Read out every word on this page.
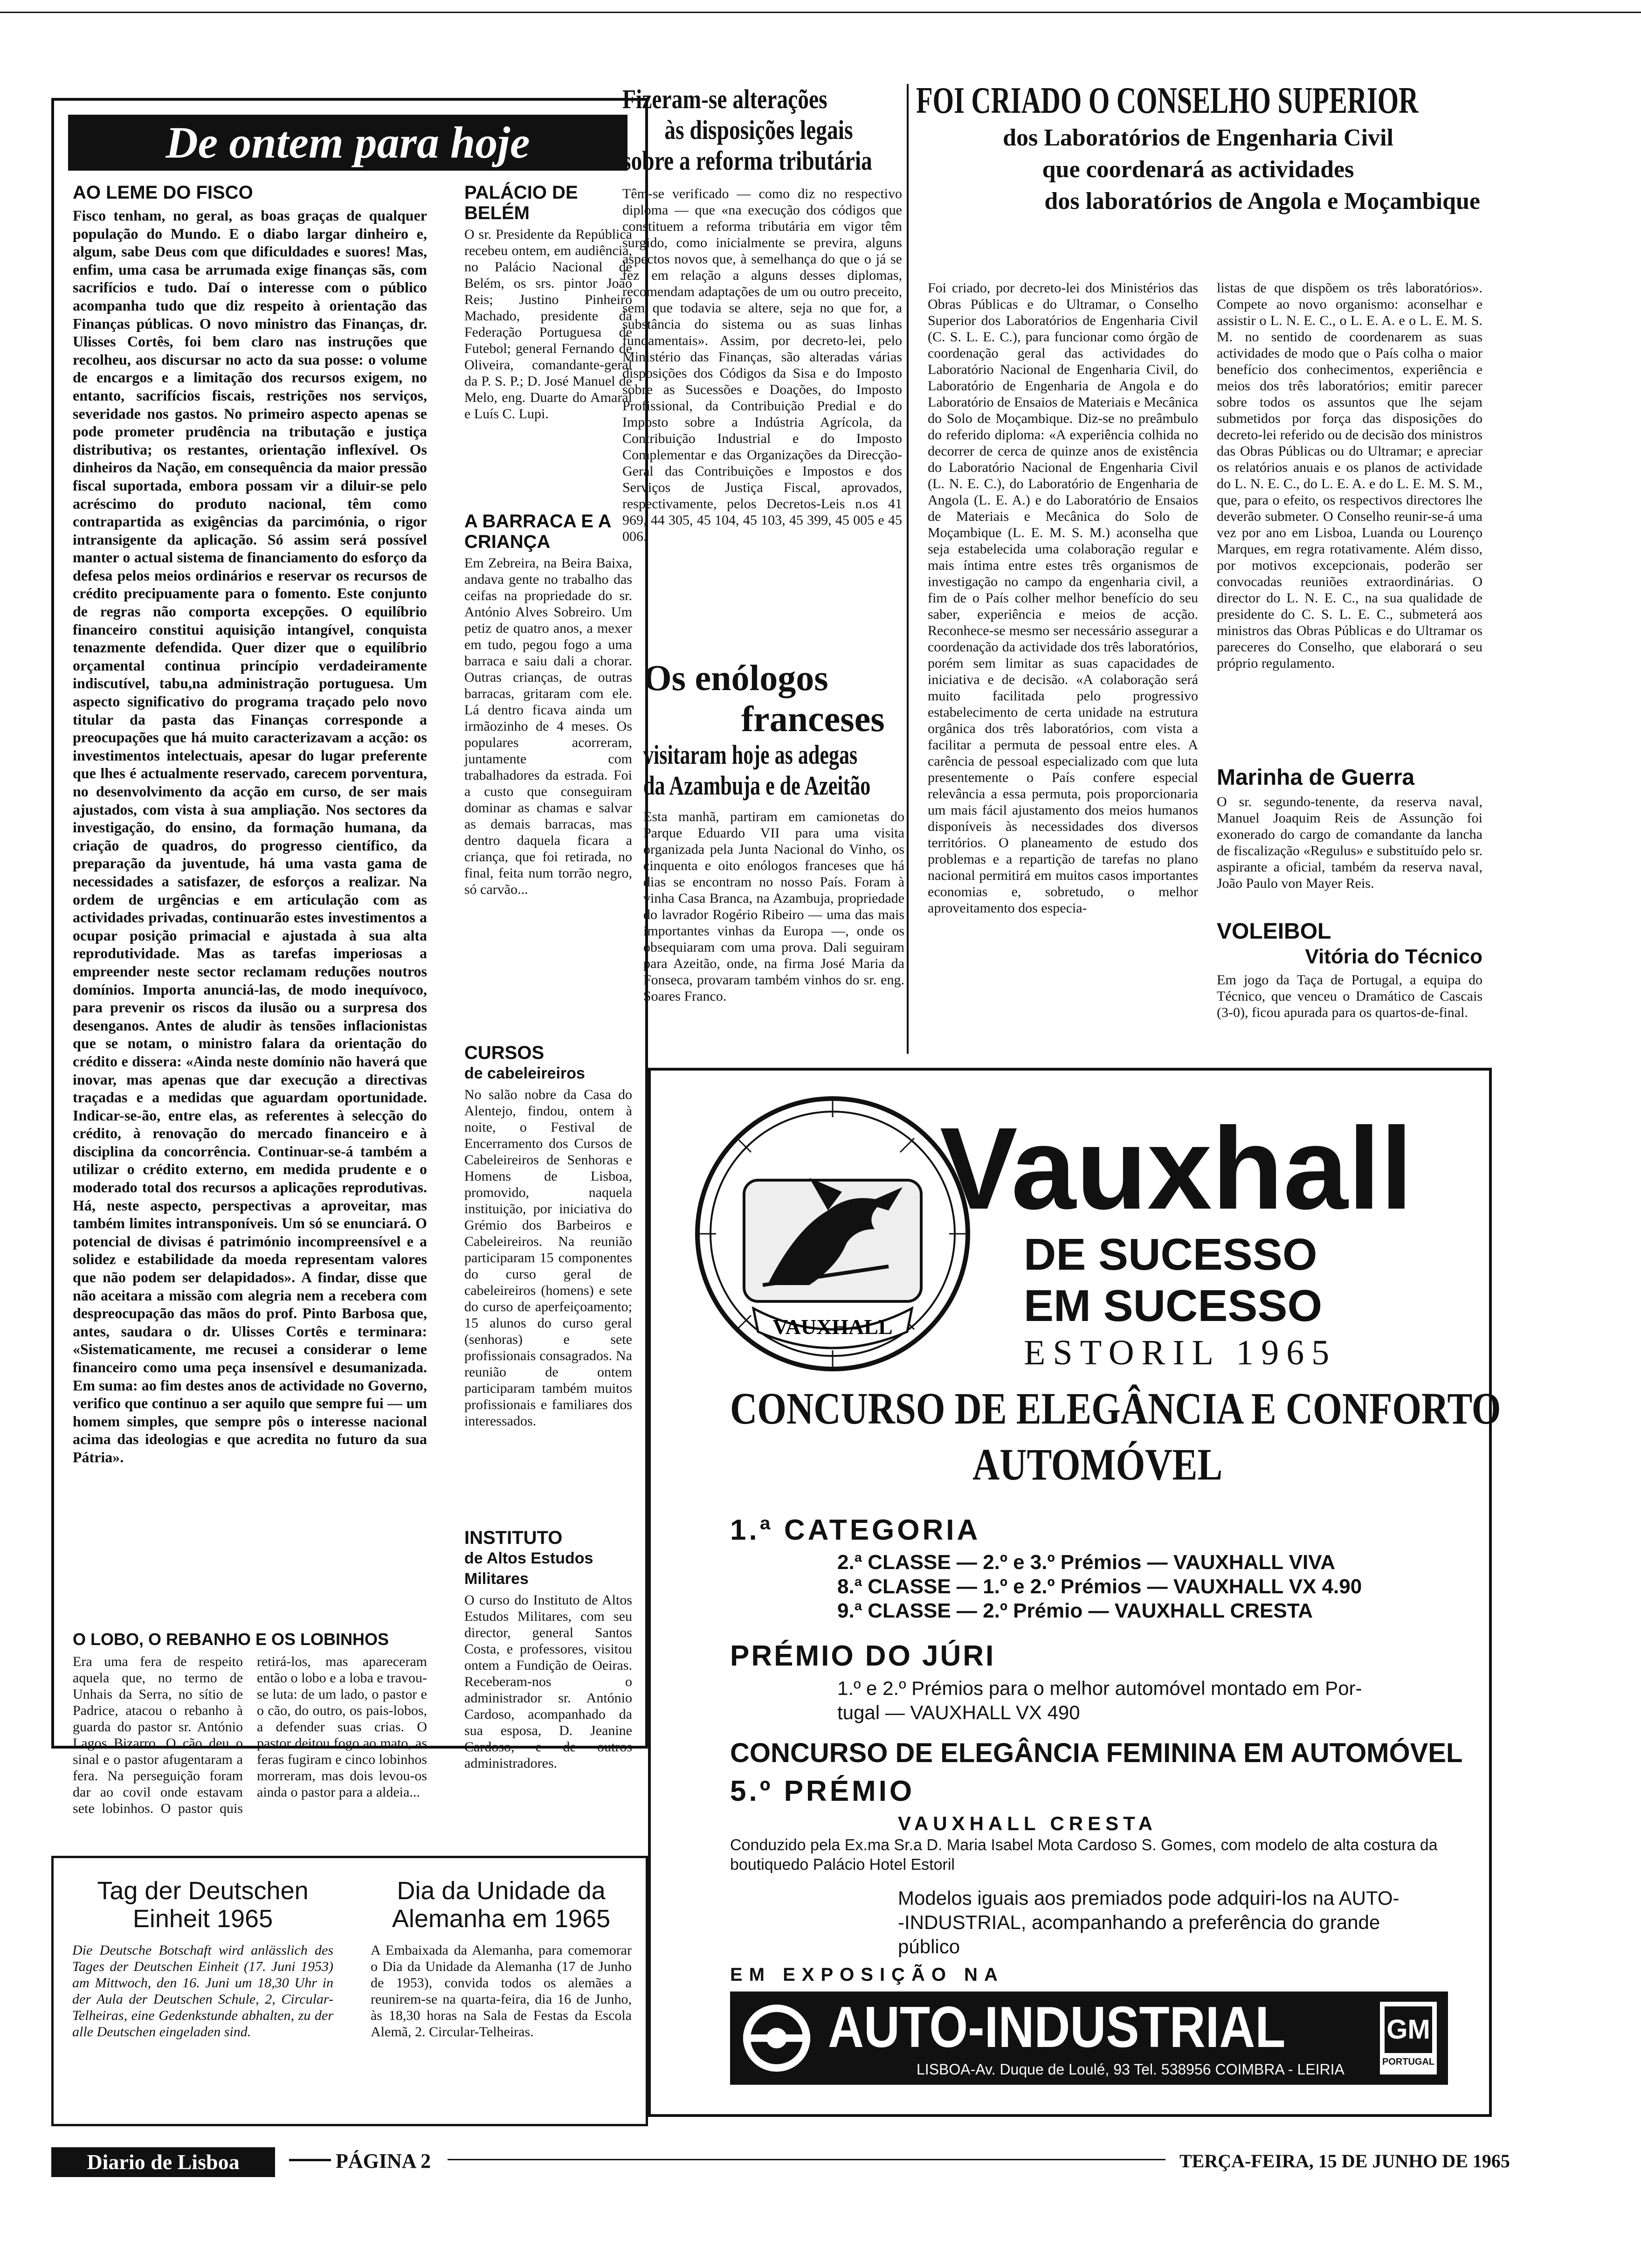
De ontem para hoje
AO LEME DO FISCO
Fisco tenham, no geral, as boas graças de qualquer população do Mundo. E o diabo largar dinheiro e, algum, sabe Deus com que dificuldades e suores! Mas, enfim, uma casa be arrumada exige finanças sãs, com sacrifícios e tudo. Daí o interesse com o público acompanha tudo que diz respeito à orientação das Finanças públicas. O novo ministro das Finanças, dr. Ulisses Cortês, foi bem claro nas instruções que recolheu, aos discursar no acto da sua posse: o volume de encargos e a limitação dos recursos exigem, no entanto, sacrifícios fiscais, restrições nos serviços, severidade nos gastos. No primeiro aspecto apenas se pode prometer prudência na tributação e justiça distributiva; os restantes, orientação inflexível. Os dinheiros da Nação, em consequência da maior pressão fiscal suportada, embora possam vir a diluir-se pelo acréscimo do produto nacional, têm como contrapartida as exigências da parcimónia, o rigor intransigente da aplicação. Só assim será possível manter o actual sistema de financiamento do esforço da defesa pelos meios ordinários e reservar os recursos de crédito precipuamente para o fomento. Este conjunto de regras não comporta excepções. O equilíbrio financeiro constitui aquisição intangível, conquista tenazmente defendida. Quer dizer que o equilíbrio orçamental continua princípio verdadeiramente indiscutível, tabu,na administração portuguesa. Um aspecto significativo do programa traçado pelo novo titular da pasta das Finanças corresponde a preocupações que há muito caracterizavam a acção: os investimentos intelectuais, apesar do lugar preferente que lhes é actualmente reservado, carecem porventura, no desenvolvimento da acção em curso, de ser mais ajustados, com vista à sua ampliação. Nos sectores da investigação, do ensino, da formação humana, da criação de quadros, do progresso científico, da preparação da juventude, há uma vasta gama de necessidades a satisfazer, de esforços a realizar. Na ordem de urgências e em articulação com as actividades privadas, continuarão estes investimentos a ocupar posição primacial e ajustada à sua alta reprodutividade. Mas as tarefas imperiosas a empreender neste sector reclamam reduções noutros domínios. Importa anunciá-las, de modo inequívoco, para prevenir os riscos da ilusão ou a surpresa dos desenganos. Antes de aludir às tensões inflacionistas que se notam, o ministro falara da orientação do crédito e dissera: «Ainda neste domínio não haverá que inovar, mas apenas que dar execução a directivas traçadas e a medidas que aguardam oportunidade. Indicar-se-ão, entre elas, as referentes à selecção do crédito, à renovação do mercado financeiro e à disciplina da concorrência. Continuar-se-á também a utilizar o crédito externo, em medida prudente e o moderado total dos recursos a aplicações reprodutivas. Há, neste aspecto, perspectivas a aproveitar, mas também limites intransponíveis. Um só se enunciará. O potencial de divisas é património incompreensível e a solidez e estabilidade da moeda representam valores que não podem ser delapidados». A findar, disse que não aceitara a missão com alegria nem a recebera com despreocupação das mãos do prof. Pinto Barbosa que, antes, saudara o dr. Ulisses Cortês e terminara: «Sistematicamente, me recusei a considerar o leme financeiro como uma peça insensível e desumanizada. Em suma: ao fim destes anos de actividade no Governo, verifico que continuo a ser aquilo que sempre fui — um homem simples, que sempre pôs o interesse nacional acima das ideologias e que acredita no futuro da sua Pátria».
O LOBO, O REBANHO E OS LOBINHOS
Era uma fera de respeito aquela que, no termo de Unhais da Serra, no sítio de Padrice, atacou o rebanho à guarda do pastor sr. António Lagos Bizarro. O cão deu o sinal e o pastor afugentaram a fera. Na perseguição foram dar ao covil onde estavam sete lobinhos. O pastor quis retirá-los, mas apareceram então o lobo e a loba e travou-se luta: de um lado, o pastor e o cão, do outro, os pais-lobos, a defender suas crias. O pastor deitou fogo ao mato, as feras fugiram e cinco lobinhos morreram, mas dois levou-os ainda o pastor para a aldeia...
PALÁCIO DE BELÉM
O sr. Presidente da República recebeu ontem, em audiência, no Palácio Nacional de Belém, os srs. pintor João Reis; Justino Pinheiro Machado, presidente da Federação Portuguesa de Futebol; general Fernando de Oliveira, comandante-geral da P. S. P.; D. José Manuel de Melo, eng. Duarte do Amaral e Luís C. Lupi.
A BARRACA E A CRIANÇA
Em Zebreira, na Beira Baixa, andava gente no trabalho das ceifas na propriedade do sr. António Alves Sobreiro. Um petiz de quatro anos, a mexer em tudo, pegou fogo a uma barraca e saiu dali a chorar. Outras crianças, de outras barracas, gritaram com ele. Lá dentro ficava ainda um irmãozinho de 4 meses. Os populares acorreram, juntamente com trabalhadores da estrada. Foi a custo que conseguiram dominar as chamas e salvar as demais barracas, mas dentro daquela ficara a criança, que foi retirada, no final, feita num torrão negro, só carvão...
CURSOS
de cabeleireiros
No salão nobre da Casa do Alentejo, findou, ontem à noite, o Festival de Encerramento dos Cursos de Cabeleireiros de Senhoras e Homens de Lisboa, promovido, naquela instituição, por iniciativa do Grémio dos Barbeiros e Cabeleireiros. Na reunião participaram 15 componentes do curso geral de cabeleireiros (homens) e sete do curso de aperfeiçoamento; 15 alunos do curso geral (senhoras) e sete profissionais consagrados. Na reunião de ontem participaram também muitos profissionais e familiares dos interessados.
INSTITUTO
de Altos Estudos Militares
O curso do Instituto de Altos Estudos Militares, com seu director, general Santos Costa, e professores, visitou ontem a Fundição de Oeiras. Receberam-nos o administrador sr. António Cardoso, acompanhado da sua esposa, D. Jeanine Cardoso, e de outros administradores.
Tag der Deutschen Einheit 1965
Die Deutsche Botschaft wird anlässlich des Tages der Deutschen Einheit (17. Juni 1953) am Mittwoch, den 16. Juni um 18,30 Uhr in der Aula der Deutschen Schule, 2, Circular-Telheiras, eine Gedenkstunde abhalten, zu der alle Deutschen eingeladen sind.
Dia da Unidade da Alemanha em 1965
A Embaixada da Alemanha, para comemorar o Dia da Unidade da Alemanha (17 de Junho de 1953), convida todos os alemães a reunirem-se na quarta-feira, dia 16 de Junho, às 18,30 horas na Sala de Festas da Escola Alemã, 2. Circular-Telheiras.
Fizeram-se alterações
às disposições legais
sobre a reforma tributária
Têm-se verificado — como diz no respectivo diploma — que «na execução dos códigos que constituem a reforma tributária em vigor têm surgido, como inicialmente se previra, alguns aspectos novos que, à semelhança do que o já se fez em relação a alguns desses diplomas, recomendam adaptações de um ou outro preceito, sem que todavia se altere, seja no que for, a substância do sistema ou as suas linhas fundamentais». Assim, por decreto-lei, pelo Ministério das Finanças, são alteradas várias disposições dos Códigos da Sisa e do Imposto sobre as Sucessões e Doações, do Imposto Profissional, da Contribuição Predial e do Imposto sobre a Indústria Agrícola, da Contribuição Industrial e do Imposto Complementar e das Organizações da Direcção-Geral das Contribuições e Impostos e dos Serviços de Justiça Fiscal, aprovados, respectivamente, pelos Decretos-Leis n.os 41 969, 44 305, 45 104, 45 103, 45 399, 45 005 e 45 006.
Os enólogos
franceses
visitaram hoje as adegas
da Azambuja e de Azeitão
Esta manhã, partiram em camionetas do Parque Eduardo VII para uma visita organizada pela Junta Nacional do Vinho, os cinquenta e oito enólogos franceses que há dias se encontram no nosso País. Foram à vinha Casa Branca, na Azambuja, propriedade do lavrador Rogério Ribeiro — uma das mais importantes vinhas da Europa —, onde os obsequiaram com uma prova. Dali seguiram para Azeitão, onde, na firma José Maria da Fonseca, provaram também vinhos do sr. eng. Soares Franco.
FOI CRIADO O CONSELHO SUPERIOR
dos Laboratórios de Engenharia Civil
que coordenará as actividades
dos laboratórios de Angola e Moçambique
Foi criado, por decreto-lei dos Ministérios das Obras Públicas e do Ultramar, o Conselho Superior dos Laboratórios de Engenharia Civil (C. S. L. E. C.), para funcionar como órgão de coordenação geral das actividades do Laboratório Nacional de Engenharia Civil, do Laboratório de Engenharia de Angola e do Laboratório de Ensaios de Materiais e Mecânica do Solo de Moçambique. Diz-se no preâmbulo do referido diploma: «A experiência colhida no decorrer de cerca de quinze anos de existência do Laboratório Nacional de Engenharia Civil (L. N. E. C.), do Laboratório de Engenharia de Angola (L. E. A.) e do Laboratório de Ensaios de Materiais e Mecânica do Solo de Moçambique (L. E. M. S. M.) aconselha que seja estabelecida uma colaboração regular e mais íntima entre estes três organismos de investigação no campo da engenharia civil, a fim de o País colher melhor benefício do seu saber, experiência e meios de acção. Reconhece-se mesmo ser necessário assegurar a coordenação da actividade dos três laboratórios, porém sem limitar as suas capacidades de iniciativa e de decisão. «A colaboração será muito facilitada pelo progressivo estabelecimento de certa unidade na estrutura orgânica dos três laboratórios, com vista a facilitar a permuta de pessoal entre eles. A carência de pessoal especializado com que luta presentemente o País confere especial relevância a essa permuta, pois proporcionaria um mais fácil ajustamento dos meios humanos disponíveis às necessidades dos diversos territórios. O planeamento de estudo dos problemas e a repartição de tarefas no plano nacional permitirá em muitos casos importantes economias e, sobretudo, o melhor aproveitamento dos especia-
listas de que dispõem os três laboratórios». Compete ao novo organismo: aconselhar e assistir o L. N. E. C., o L. E. A. e o L. E. M. S. M. no sentido de coordenarem as suas actividades de modo que o País colha o maior benefício dos conhecimentos, experiência e meios dos três laboratórios; emitir parecer sobre todos os assuntos que lhe sejam submetidos por força das disposições do decreto-lei referido ou de decisão dos ministros das Obras Públicas ou do Ultramar; e apreciar os relatórios anuais e os planos de actividade do L. N. E. C., do L. E. A. e do L. E. M. S. M., que, para o efeito, os respectivos directores lhe deverão submeter. O Conselho reunir-se-á uma vez por ano em Lisboa, Luanda ou Lourenço Marques, em regra rotativamente. Além disso, por motivos excepcionais, poderão ser convocadas reuniões extraordinárias. O director do L. N. E. C., na sua qualidade de presidente do C. S. L. E. C., submeterá aos ministros das Obras Públicas e do Ultramar os pareceres do Conselho, que elaborará o seu próprio regulamento.
Marinha de Guerra
O sr. segundo-tenente, da reserva naval, Manuel Joaquim Reis de Assunção foi exonerado do cargo de comandante da lancha de fiscalização «Regulus» e substituído pelo sr. aspirante a oficial, também da reserva naval, João Paulo von Mayer Reis.
VOLEIBOL
Vitória do Técnico
Em jogo da Taça de Portugal, a equipa do Técnico, que venceu o Dramático de Cascais (3-0), ficou apurada para os quartos-de-final.
VAUXHALL
Vauxhall
DE SUCESSO
EM SUCESSO
ESTORIL 1965
CONCURSO DE ELEGÂNCIA E CONFORTO
AUTOMÓVEL
1.ª CATEGORIA
2.ª CLASSE — 2.º e 3.º Prémios — VAUXHALL VIVA
8.ª CLASSE — 1.º e 2.º Prémios — VAUXHALL VX 4.90
9.ª CLASSE — 2.º Prémio — VAUXHALL CRESTA
PRÉMIO DO JÚRI
1.º e 2.º Prémios para o melhor automóvel montado em Por-
tugal — VAUXHALL VX 490
CONCURSO DE ELEGÂNCIA FEMININA EM AUTOMÓVEL
5.º PRÉMIO
VAUXHALL CRESTA
Conduzido pela Ex.ma Sr.a D. Maria Isabel Mota Cardoso S. Gomes, com modelo de alta costura da boutiquedo Palácio Hotel Estoril
Modelos iguais aos premiados pode adquiri-los na AUTO-
-INDUSTRIAL, acompanhando a preferência do grande
público
EM EXPOSIÇÃO NA
AUTO-INDUSTRIAL
LISBOA-Av. Duque de Loulé, 93 Tel. 538956 COIMBRA - LEIRIA
GM
PORTUGAL
Diario de Lisboa	PÁGINA 2	TERÇA-FEIRA, 15 DE JUNHO DE 1965
